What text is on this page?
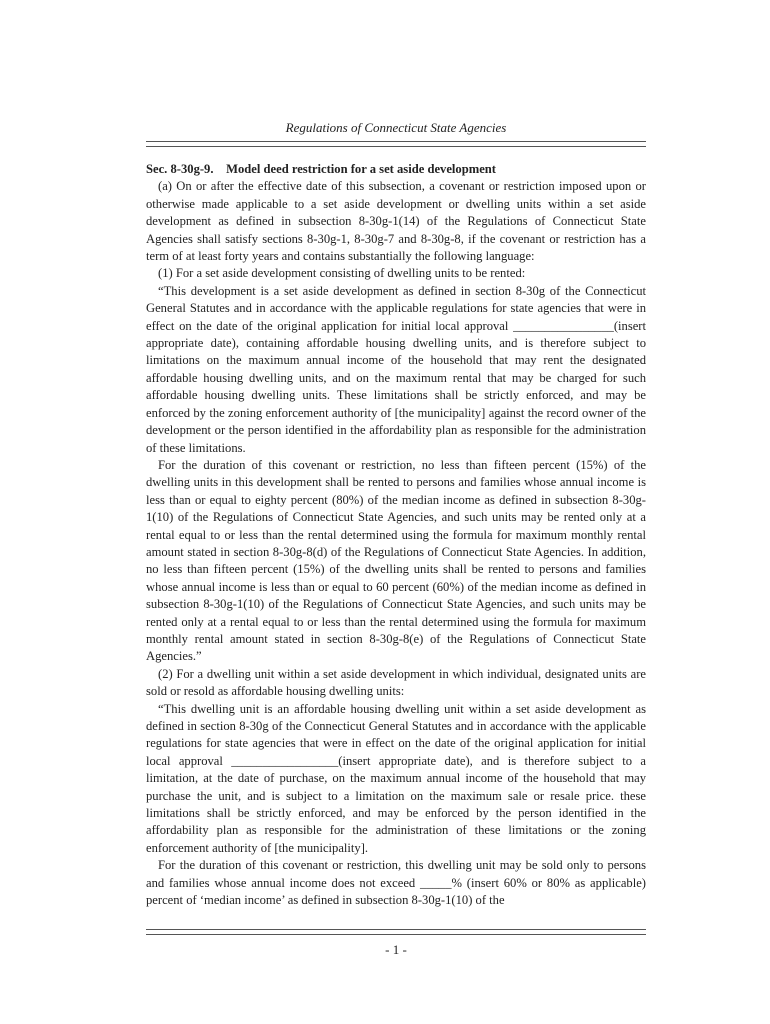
Regulations of Connecticut State Agencies

Sec. 8-30g-9. Model deed restriction for a set aside development

(a) On or after the effective date of this subsection, a covenant or restriction imposed upon or otherwise made applicable to a set aside development or dwelling units within a set aside development as defined in subsection 8-30g-1(14) of the Regulations of Connecticut State Agencies shall satisfy sections 8-30g-1, 8-30g-7 and 8-30g-8, if the covenant or restriction has a term of at least forty years and contains substantially the following language:

(1) For a set aside development consisting of dwelling units to be rented:

“This development is a set aside development as defined in section 8-30g of the Connecticut General Statutes and in accordance with the applicable regulations for state agencies that were in effect on the date of the original application for initial local approval ________________(insert appropriate date), containing affordable housing dwelling units, and is therefore subject to limitations on the maximum annual income of the household that may rent the designated affordable housing dwelling units, and on the maximum rental that may be charged for such affordable housing dwelling units. These limitations shall be strictly enforced, and may be enforced by the zoning enforcement authority of [the municipality] against the record owner of the development or the person identified in the affordability plan as responsible for the administration of these limitations.

For the duration of this covenant or restriction, no less than fifteen percent (15%) of the dwelling units in this development shall be rented to persons and families whose annual income is less than or equal to eighty percent (80%) of the median income as defined in subsection 8-30g-1(10) of the Regulations of Connecticut State Agencies, and such units may be rented only at a rental equal to or less than the rental determined using the formula for maximum monthly rental amount stated in section 8-30g-8(d) of the Regulations of Connecticut State Agencies. In addition, no less than fifteen percent (15%) of the dwelling units shall be rented to persons and families whose annual income is less than or equal to 60 percent (60%) of the median income as defined in subsection 8-30g-1(10) of the Regulations of Connecticut State Agencies, and such units may be rented only at a rental equal to or less than the rental determined using the formula for maximum monthly rental amount stated in section 8-30g-8(e) of the Regulations of Connecticut State Agencies.”

(2) For a dwelling unit within a set aside development in which individual, designated units are sold or resold as affordable housing dwelling units:

“This dwelling unit is an affordable housing dwelling unit within a set aside development as defined in section 8-30g of the Connecticut General Statutes and in accordance with the applicable regulations for state agencies that were in effect on the date of the original application for initial local approval _________________(insert appropriate date), and is therefore subject to a limitation, at the date of purchase, on the maximum annual income of the household that may purchase the unit, and is subject to a limitation on the maximum sale or resale price. these limitations shall be strictly enforced, and may be enforced by the person identified in the affordability plan as responsible for the administration of these limitations or the zoning enforcement authority of [the municipality].

For the duration of this covenant or restriction, this dwelling unit may be sold only to persons and families whose annual income does not exceed _____% (insert 60% or 80% as applicable) percent of ‘median income’ as defined in subsection 8-30g-1(10) of the

- 1 -
